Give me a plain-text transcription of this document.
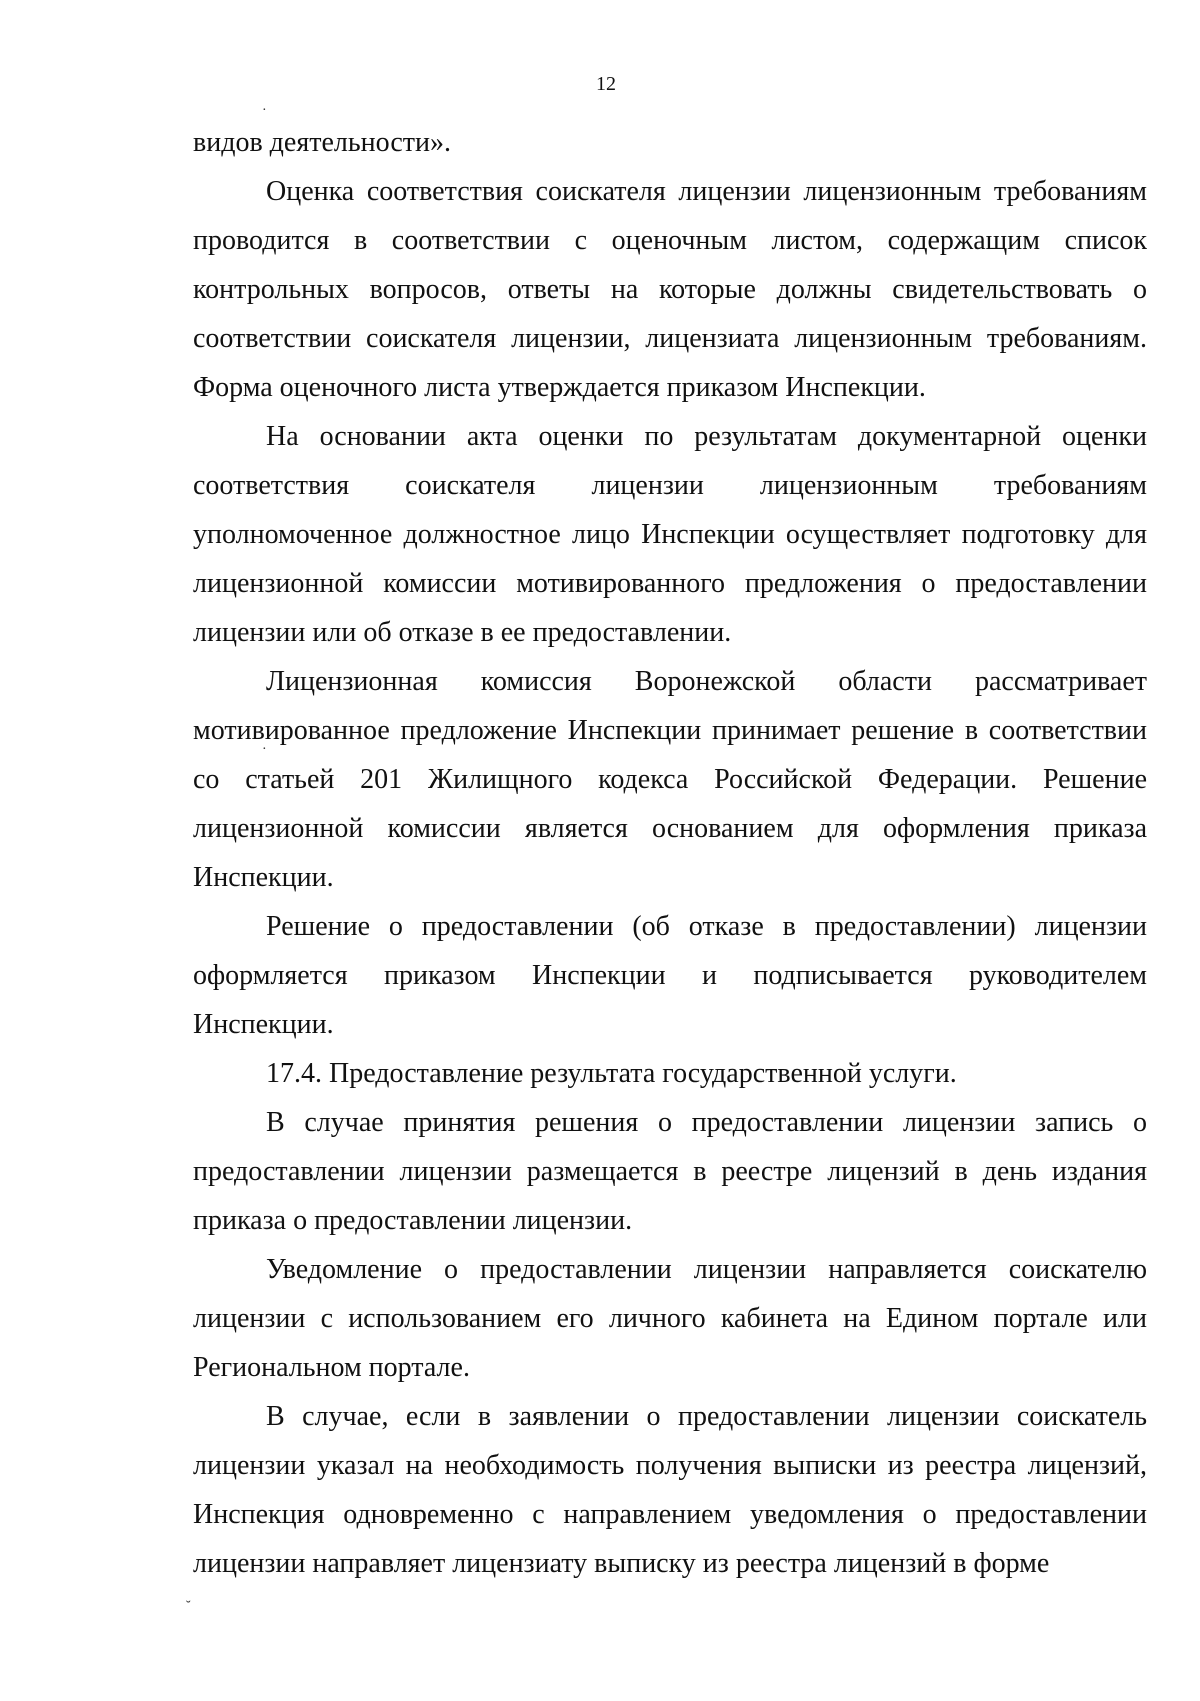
12
·
·
˘

видов деятельности».

Оценка соответствия соискателя лицензии лицензионным требованиям проводится в соответствии с оценочным листом, содержащим список контрольных вопросов, ответы на которые должны свидетельствовать о соответствии соискателя лицензии, лицензиата лицензионным требованиям. Форма оценочного листа утверждается приказом Инспекции.

На основании акта оценки по результатам документарной оценки соответствия соискателя лицензии лицензионным требованиям уполномоченное должностное лицо Инспекции осуществляет подготовку для лицензионной комиссии мотивированного предложения о предоставлении лицензии или об отказе в ее предоставлении.

Лицензионная комиссия Воронежской области рассматривает мотивированное предложение Инспекции принимает решение в соответствии со статьей 201 Жилищного кодекса Российской Федерации. Решение лицензионной комиссии является основанием для оформления приказа Инспекции.

Решение о предоставлении (об отказе в предоставлении) лицензии оформляется приказом Инспекции и подписывается руководителем Инспекции.

17.4. Предоставление результата государственной услуги.

В случае принятия решения о предоставлении лицензии запись о предоставлении лицензии размещается в реестре лицензий в день издания приказа о предоставлении лицензии.

Уведомление о предоставлении лицензии направляется соискателю лицензии с использованием его личного кабинета на Едином портале или Региональном портале.

В случае, если в заявлении о предоставлении лицензии соискатель лицензии указал на необходимость получения выписки из реестра лицензий, Инспекция одновременно с направлением уведомления о предоставлении лицензии направляет лицензиату выписку из реестра лицензий в форме
